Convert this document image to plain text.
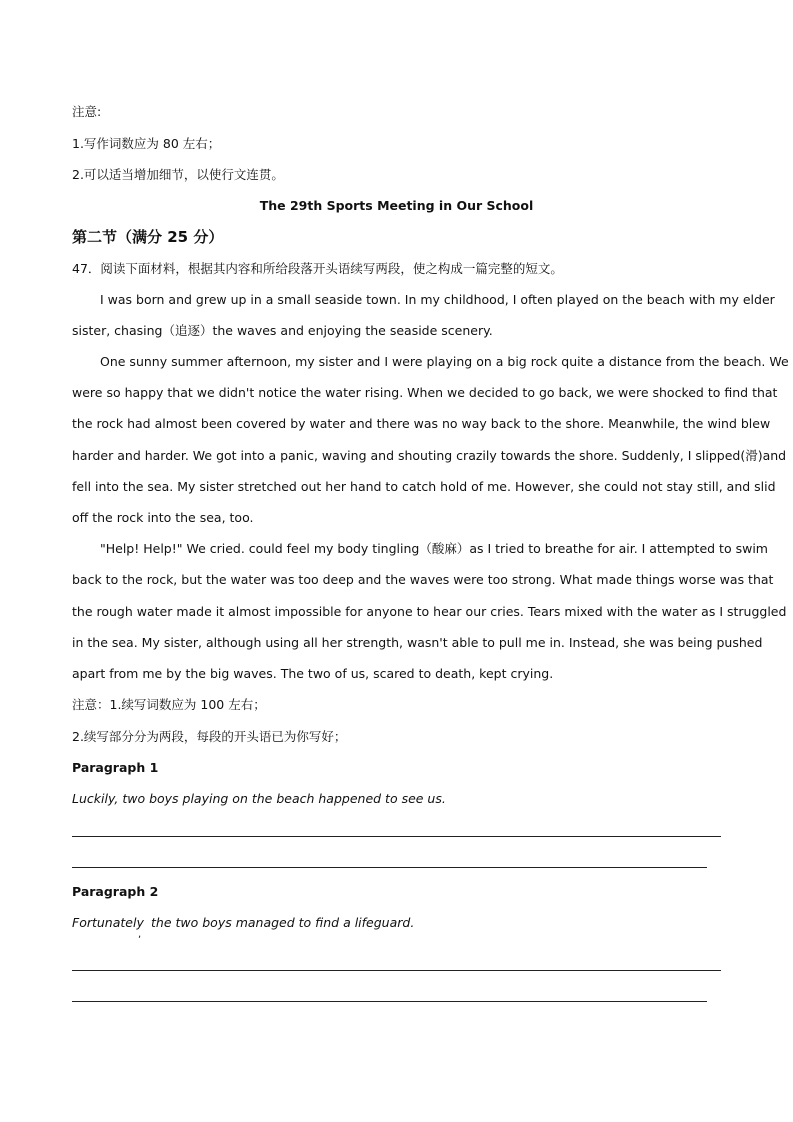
注意:
1.写作词数应为 80 左右；
2.可以适当增加细节，以使行文连贯。
The 29th Sports Meeting in Our School
第二节（满分 25 分）
47．阅读下面材料，根据其内容和所给段落开头语续写两段，使之构成一篇完整的短文。
I was born and grew up in a small seaside town. In my childhood, I often played on the beach with my elder
sister, chasing（追逐）the waves and enjoying the seaside scenery.
One sunny summer afternoon, my sister and I were playing on a big rock quite a distance from the beach. We
were so happy that we didn't notice the water rising. When we decided to go back, we were shocked to find that
the rock had almost been covered by water and there was no way back to the shore. Meanwhile, the wind blew
harder and harder. We got into a panic, waving and shouting crazily towards the shore. Suddenly, I slipped(滑)and
fell into the sea. My sister stretched out her hand to catch hold of me. However, she could not stay still, and slid
off the rock into the sea, too.
"Help! Help!" We cried. could feel my body tingling（酸麻）as I tried to breathe for air. I attempted to swim
back to the rock, but the water was too deep and the waves were too strong. What made things worse was that
the rough water made it almost impossible for anyone to hear our cries. Tears mixed with the water as I struggled
in the sea. My sister, although using all her strength, wasn't able to pull me in. Instead, she was being pushed
apart from me by the big waves. The two of us, scared to death, kept crying.
注意：1.续写词数应为 100 左右；
2.续写部分分为两段，每段的开头语已为你写好；
Paragraph 1
Luckily, two boys playing on the beach happened to see us.
Paragraph 2
Fortunately
,
the two boys managed to find a lifeguard.
